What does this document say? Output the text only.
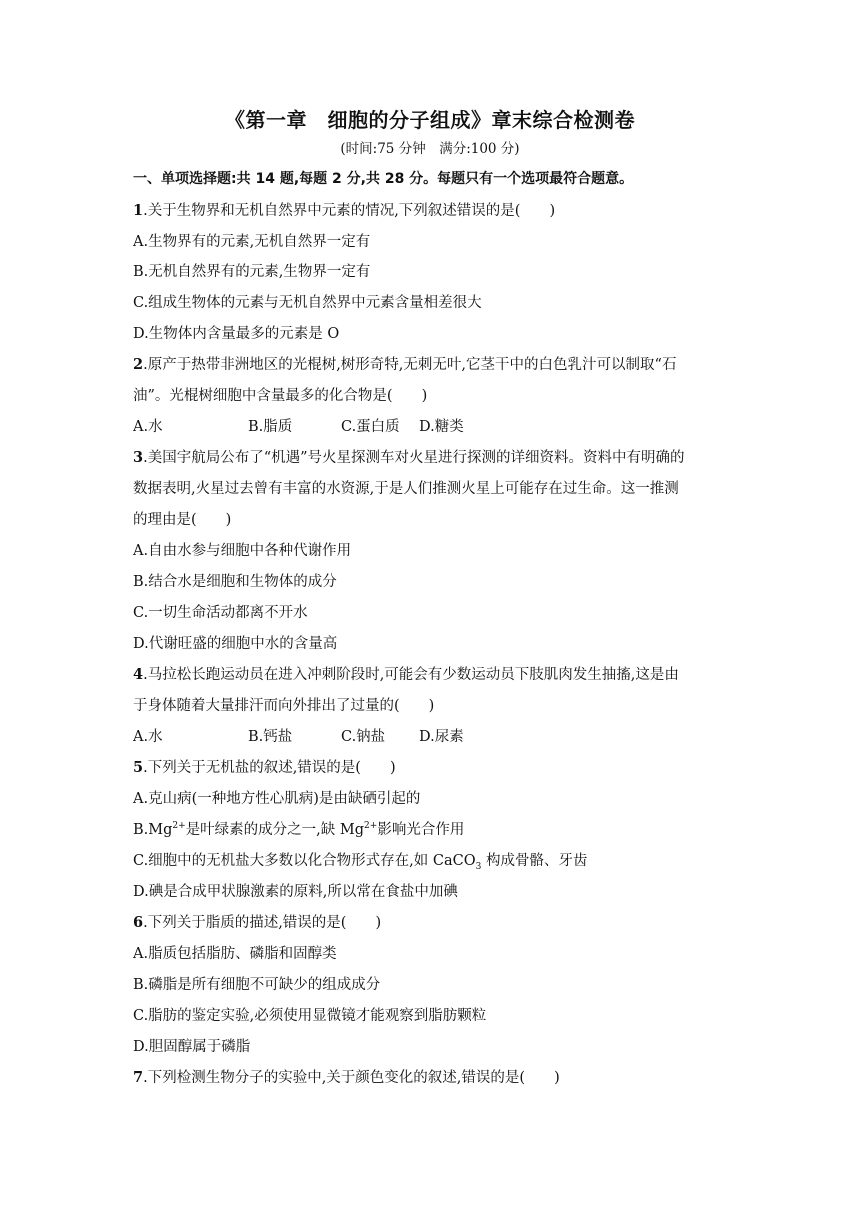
《第一章　细胞的分子组成》章末综合检测卷
(时间:75 分钟　满分:100 分)
一、单项选择题:共 14 题,每题 2 分,共 28 分。每题只有一个选项最符合题意。
1.关于生物界和无机自然界中元素的情况,下列叙述错误的是(　　)
A.生物界有的元素,无机自然界一定有
B.无机自然界有的元素,生物界一定有
C.组成生物体的元素与无机自然界中元素含量相差很大
D.生物体内含量最多的元素是 O
2.原产于热带非洲地区的光棍树,树形奇特,无刺无叶,它茎干中的白色乳汁可以制取“石
油”。光棍树细胞中含量最多的化合物是(　　)
A.水	B.脂质	C.蛋白质 D.糖类
3.美国宇航局公布了“机遇”号火星探测车对火星进行探测的详细资料。资料中有明确的
数据表明,火星过去曾有丰富的水资源,于是人们推测火星上可能存在过生命。这一推测
的理由是(　　)
A.自由水参与细胞中各种代谢作用
B.结合水是细胞和生物体的成分
C.一切生命活动都离不开水
D.代谢旺盛的细胞中水的含量高
4.马拉松长跑运动员在进入冲刺阶段时,可能会有少数运动员下肢肌肉发生抽搐,这是由
于身体随着大量排汗而向外排出了过量的(　　)
A.水	B.钙盐	C.钠盐 D.尿素
5.下列关于无机盐的叙述,错误的是(　　)
A.克山病(一种地方性心肌病)是由缺硒引起的
$B.Mg^{2+}$是叶绿素的成分之一,缺 $Mg^{2+}$影响光合作用
C.细胞中的无机盐大多数以化合物形式存在,如 CaCO$_3$ 构成骨骼、牙齿
D.碘是合成甲状腺激素的原料,所以常在食盐中加碘
6.下列关于脂质的描述,错误的是(　　)
A.脂质包括脂肪、磷脂和固醇类
B.磷脂是所有细胞不可缺少的组成成分
C.脂肪的鉴定实验,必须使用显微镜才能观察到脂肪颗粒
D.胆固醇属于磷脂
7.下列检测生物分子的实验中,关于颜色变化的叙述,错误的是(　　)
